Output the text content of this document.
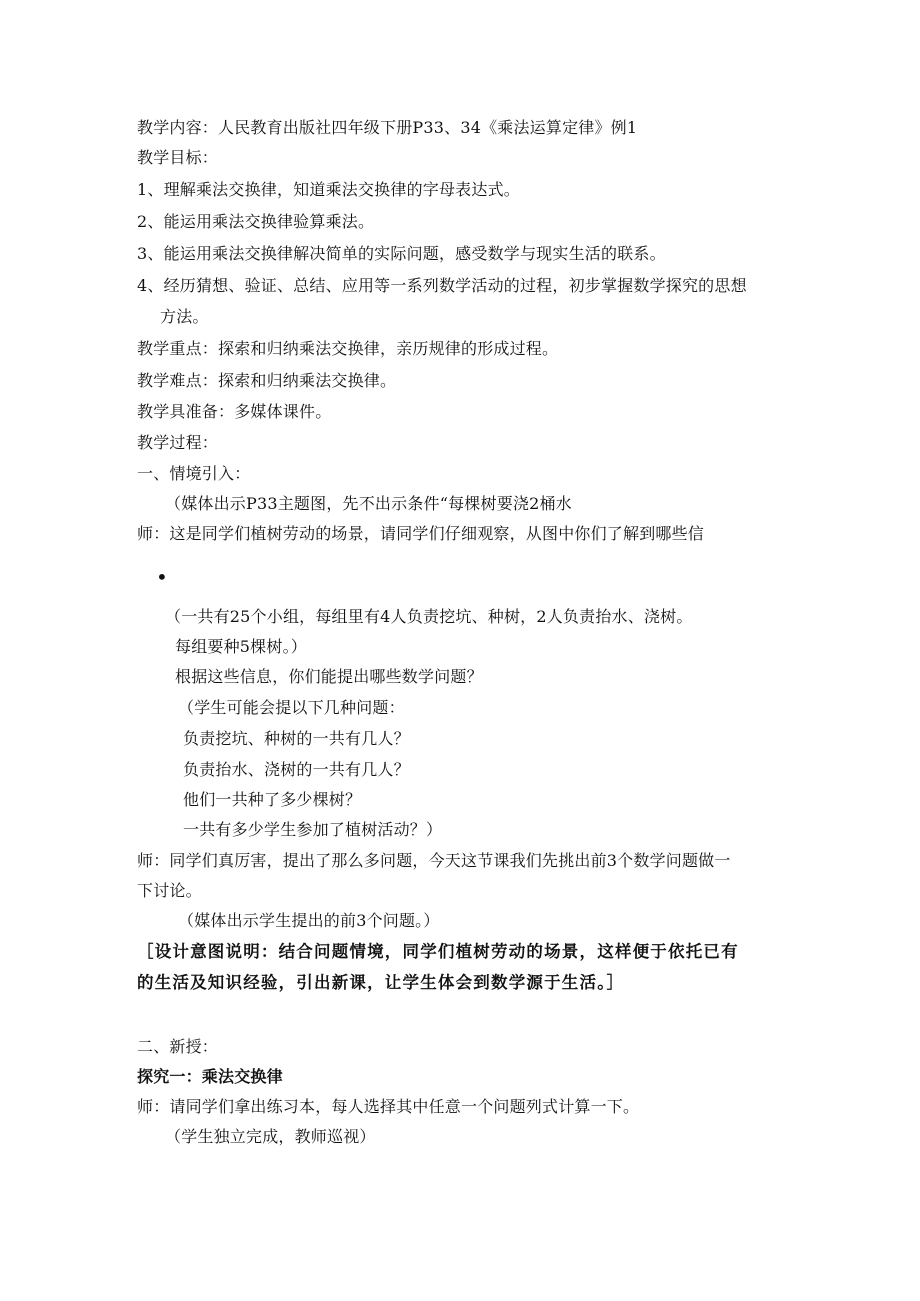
教学内容：人民教育出版社四年级下册P33、34《乘法运算定律》例1
教学目标：
1、理解乘法交换律，知道乘法交换律的字母表达式。
2、能运用乘法交换律验算乘法。
3、能运用乘法交换律解决简单的实际问题，感受数学与现实生活的联系。
4、经历猜想、验证、总结、应用等一系列数学活动的过程，初步掌握数学探究的思想
方法。
教学重点：探索和归纳乘法交换律，亲历规律的形成过程。
教学难点：探索和归纳乘法交换律。
教学具准备：多媒体课件。
教学过程：
一、情境引入：
（媒体出示P33主题图，先不出示条件“每棵树要浇2桶水
师：这是同学们植树劳动的场景，请同学们仔细观察，从图中你们了解到哪些信
•
（一共有25个小组，每组里有4人负责挖坑、种树，2人负责抬水、浇树。
每组要种5棵树。）
根据这些信息，你们能提出哪些数学问题？
（学生可能会提以下几种问题：
负责挖坑、种树的一共有几人？
负责抬水、浇树的一共有几人？
他们一共种了多少棵树？
一共有多少学生参加了植树活动？）
师：同学们真厉害，提出了那么多问题，今天这节课我们先挑出前3个数学问题做一
下讨论。
（媒体出示学生提出的前3个问题。）
［设计意图说明：结合问题情境，同学们植树劳动的场景，这样便于依托已有
的生活及知识经验，引出新课，让学生体会到数学源于生活。］
二、新授：
探究一：乘法交换律
师：请同学们拿出练习本，每人选择其中任意一个问题列式计算一下。
（学生独立完成，教师巡视）
